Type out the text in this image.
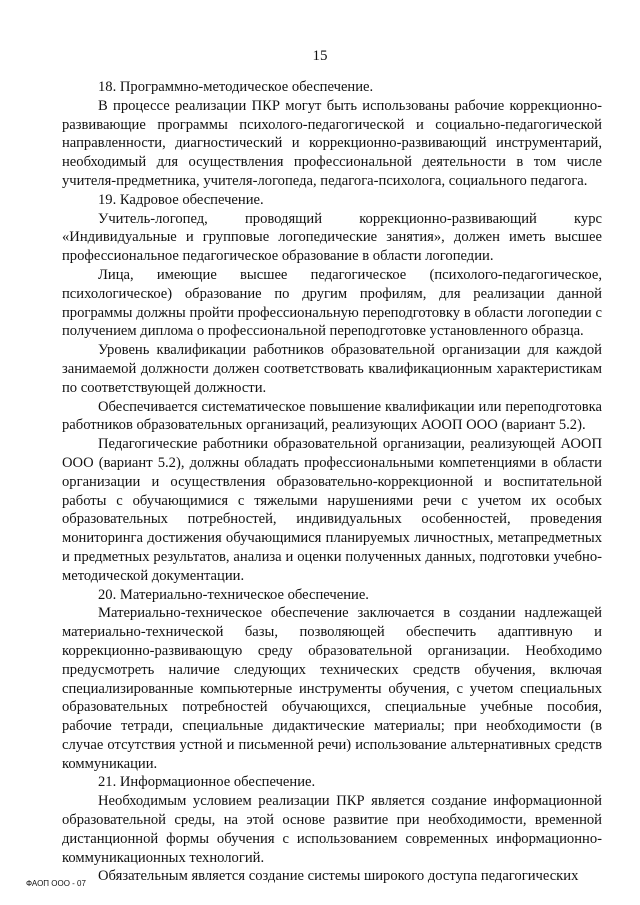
15

18. Программно-методическое обеспечение.

В процессе реализации ПКР могут быть использованы рабочие коррекционно-развивающие программы психолого-педагогической и социально-педагогической направленности, диагностический и коррекционно-развивающий инструментарий, необходимый для осуществления профессиональной деятельности в том числе учителя-предметника, учителя-логопеда, педагога-психолога, социального педагога.

19. Кадровое обеспечение.

Учитель-логопед, проводящий коррекционно-развивающий курс «Индивидуальные и групповые логопедические занятия», должен иметь высшее профессиональное педагогическое образование в области логопедии.

Лица, имеющие высшее педагогическое (психолого-педагогическое, психологическое) образование по другим профилям, для реализации данной программы должны пройти профессиональную переподготовку в области логопедии с получением диплома о профессиональной переподготовке установленного образца.

Уровень квалификации работников образовательной организации для каждой занимаемой должности должен соответствовать квалификационным характеристикам по соответствующей должности.

Обеспечивается систематическое повышение квалификации или переподготовка работников образовательных организаций, реализующих АООП ООО (вариант 5.2).

Педагогические работники образовательной организации, реализующей АООП ООО (вариант 5.2), должны обладать профессиональными компетенциями в области организации и осуществления образовательно-коррекционной и воспитательной работы с обучающимися с тяжелыми нарушениями речи с учетом их особых образовательных потребностей, индивидуальных особенностей, проведения мониторинга достижения обучающимися планируемых личностных, метапредметных и предметных результатов, анализа и оценки полученных данных, подготовки учебно-методической документации.

20. Материально-техническое обеспечение.

Материально-техническое обеспечение заключается в создании надлежащей материально-технической базы, позволяющей обеспечить адаптивную и коррекционно-развивающую среду образовательной организации. Необходимо предусмотреть наличие следующих технических средств обучения, включая специализированные компьютерные инструменты обучения, с учетом специальных образовательных потребностей обучающихся, специальные учебные пособия, рабочие тетради, специальные дидактические материалы; при необходимости (в случае отсутствия устной и письменной речи) использование альтернативных средств коммуникации.

21. Информационное обеспечение.

Необходимым условием реализации ПКР является создание информационной образовательной среды, на этой основе развитие при необходимости, временной дистанционной формы обучения с использованием современных информационно-коммуникационных технологий.

Обязательным является создание системы широкого доступа педагогических

ФАОП ООО - 07
